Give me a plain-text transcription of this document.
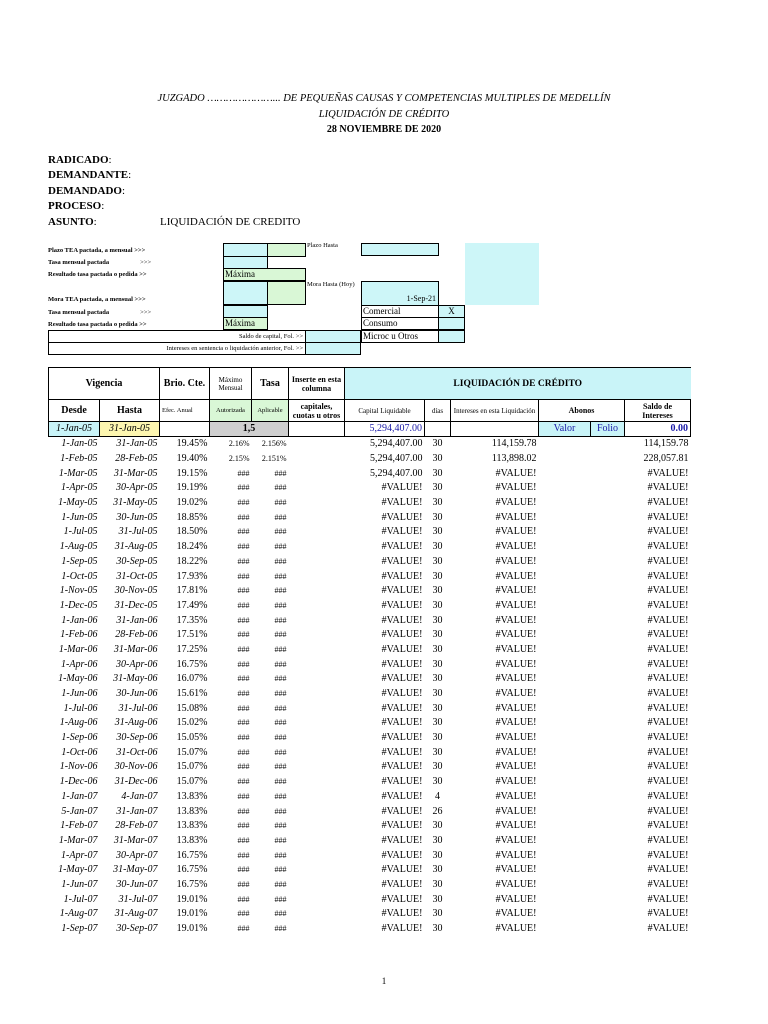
JUZGADO …………………... DE PEQUEÑAS CAUSAS Y COMPETENCIAS MULTIPLES DE MEDELLÍN
LIQUIDACIÓN DE CRÉDITO
28 NOVIEMBRE DE 2020
RADICADO:
DEMANDANTE:
DEMANDADO:
PROCESO:
ASUNTO:	LIQUIDACIÓN DE CREDITO
Plazo TEA pactada, a mensual >>>
Tasa mensual pactada	>>>
Resultado tasa pactada o pedida >>	Máxima
Plazo Hasta
Mora Hasta (Hoy)
1-Sep-21
Mora TEA pactada, a mensual >>>
Tasa mensual pactada	>>>
Resultado tasa pactada o pedida >>	Máxima
Comercial	X
Consumo
Saldo de capital, Fol. >>	Microc u Otros
Intereses en sentencia o liquidación anterior, Fol. >>
Vigencia		Brio. Cte.	Máximo Mensual	Tasa	Inserte en esta columna	LIQUIDACIÓN DE CRÉDITO					
Desde	Hasta	Efec. Anual	Autorizada	Aplicable	capitales, cuotas u otros	Capital Liquidable	días	Intereses en esta Liquidación	Abonos		Saldo de Intereses
1-Jan-05	31-Jan-05		1,5			5,294,407.00			Valor	Folio	0.00
1-Jan-05	31-Jan-05	19.45%	2.16%	2.156%		5,294,407.00	30	114,159.78			114,159.78
1-Feb-05	28-Feb-05	19.40%	2.15%	2.151%		5,294,407.00	30	113,898.02			228,057.81
1-Mar-05	31-Mar-05	19.15%	###	###		5,294,407.00	30	#VALUE!			#VALUE!
1-Apr-05	30-Apr-05	19.19%	###	###		#VALUE!	30	#VALUE!			#VALUE!
1-May-05	31-May-05	19.02%	###	###		#VALUE!	30	#VALUE!			#VALUE!
1-Jun-05	30-Jun-05	18.85%	###	###		#VALUE!	30	#VALUE!			#VALUE!
1-Jul-05	31-Jul-05	18.50%	###	###		#VALUE!	30	#VALUE!			#VALUE!
1-Aug-05	31-Aug-05	18.24%	###	###		#VALUE!	30	#VALUE!			#VALUE!
1-Sep-05	30-Sep-05	18.22%	###	###		#VALUE!	30	#VALUE!			#VALUE!
1-Oct-05	31-Oct-05	17.93%	###	###		#VALUE!	30	#VALUE!			#VALUE!
1-Nov-05	30-Nov-05	17.81%	###	###		#VALUE!	30	#VALUE!			#VALUE!
1-Dec-05	31-Dec-05	17.49%	###	###		#VALUE!	30	#VALUE!			#VALUE!
1-Jan-06	31-Jan-06	17.35%	###	###		#VALUE!	30	#VALUE!			#VALUE!
1-Feb-06	28-Feb-06	17.51%	###	###		#VALUE!	30	#VALUE!			#VALUE!
1-Mar-06	31-Mar-06	17.25%	###	###		#VALUE!	30	#VALUE!			#VALUE!
1-Apr-06	30-Apr-06	16.75%	###	###		#VALUE!	30	#VALUE!			#VALUE!
1-May-06	31-May-06	16.07%	###	###		#VALUE!	30	#VALUE!			#VALUE!
1-Jun-06	30-Jun-06	15.61%	###	###		#VALUE!	30	#VALUE!			#VALUE!
1-Jul-06	31-Jul-06	15.08%	###	###		#VALUE!	30	#VALUE!			#VALUE!
1-Aug-06	31-Aug-06	15.02%	###	###		#VALUE!	30	#VALUE!			#VALUE!
1-Sep-06	30-Sep-06	15.05%	###	###		#VALUE!	30	#VALUE!			#VALUE!
1-Oct-06	31-Oct-06	15.07%	###	###		#VALUE!	30	#VALUE!			#VALUE!
1-Nov-06	30-Nov-06	15.07%	###	###		#VALUE!	30	#VALUE!			#VALUE!
1-Dec-06	31-Dec-06	15.07%	###	###		#VALUE!	30	#VALUE!			#VALUE!
1-Jan-07	4-Jan-07	13.83%	###	###		#VALUE!	4	#VALUE!			#VALUE!
5-Jan-07	31-Jan-07	13.83%	###	###		#VALUE!	26	#VALUE!			#VALUE!
1-Feb-07	28-Feb-07	13.83%	###	###		#VALUE!	30	#VALUE!			#VALUE!
1-Mar-07	31-Mar-07	13.83%	###	###		#VALUE!	30	#VALUE!			#VALUE!
1-Apr-07	30-Apr-07	16.75%	###	###		#VALUE!	30	#VALUE!			#VALUE!
1-May-07	31-May-07	16.75%	###	###		#VALUE!	30	#VALUE!			#VALUE!
1-Jun-07	30-Jun-07	16.75%	###	###		#VALUE!	30	#VALUE!			#VALUE!
1-Jul-07	31-Jul-07	19.01%	###	###		#VALUE!	30	#VALUE!			#VALUE!
1-Aug-07	31-Aug-07	19.01%	###	###		#VALUE!	30	#VALUE!			#VALUE!
1-Sep-07	30-Sep-07	19.01%	###	###		#VALUE!	30	#VALUE!			#VALUE!
1
